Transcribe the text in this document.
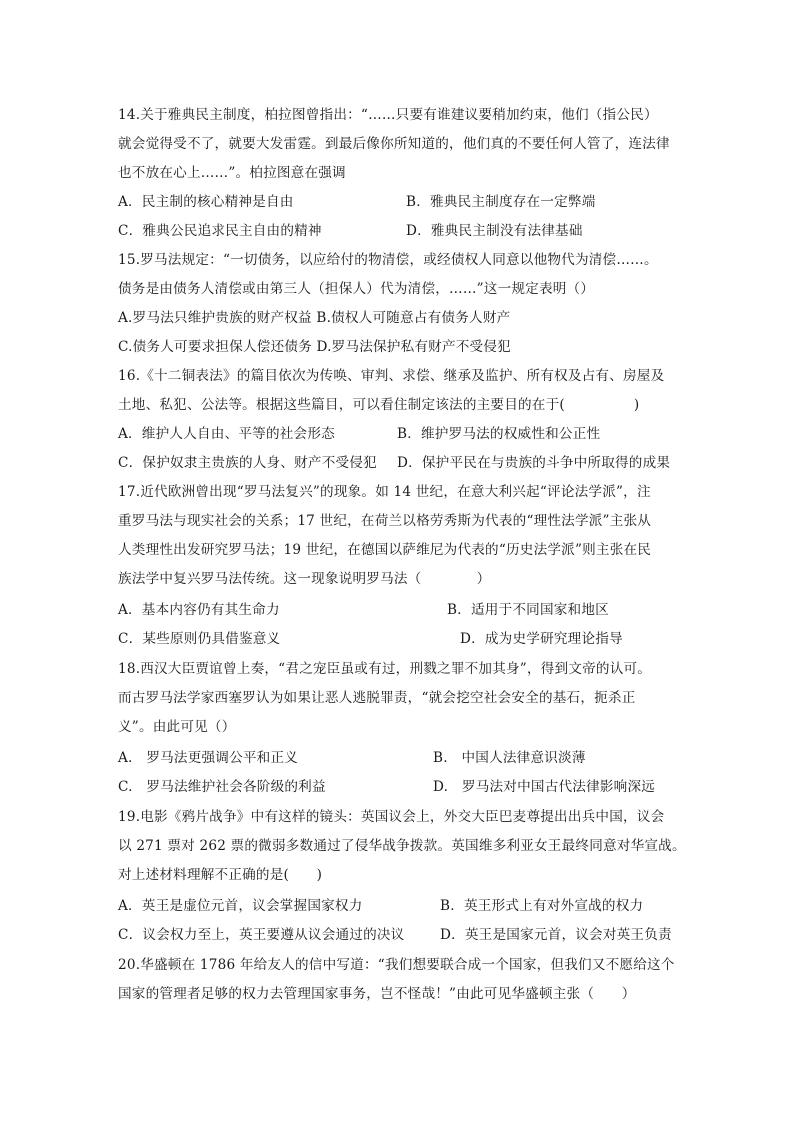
14.关于雅典民主制度，柏拉图曾指出：“……只要有谁建议要稍加约束，他们（指公民）
就会觉得受不了，就要大发雷霆。到最后像你所知道的，他们真的不要任何人管了，连法律
也不放在心上……”。柏拉图意在强调
A．民主制的核心精神是自由	B．雅典民主制度存在一定弊端
C．雅典公民追求民主自由的精神	D．雅典民主制没有法律基础
15.罗马法规定：“一切债务，以应给付的物清偿，或经债权人同意以他物代为清偿……。
债务是由债务人清偿或由第三人（担保人）代为清偿，……”这一规定表明（）
A.罗马法只维护贵族的财产权益 B.债权人可随意占有债务人财产
C.债务人可要求担保人偿还债务 D.罗马法保护私有财产不受侵犯
16.《十二铜表法》的篇目依次为传唤、审判、求偿、继承及监护、所有权及占有、房屋及
土地、私犯、公法等。根据这些篇目，可以看住制定该法的主要目的在于(　　　　　)
A．维护人人自由、平等的社会形态	B．维护罗马法的权威性和公正性
C．保护奴隶主贵族的人身、财产不受侵犯 D．保护平民在与贵族的斗争中所取得的成果
17.近代欧洲曾出现“罗马法复兴”的现象。如 14 世纪，在意大利兴起“评论法学派”，注
重罗马法与现实社会的关系；17 世纪，在荷兰以格劳秀斯为代表的“理性法学派”主张从
人类理性出发研究罗马法；19 世纪，在德国以萨维尼为代表的“历史法学派”则主张在民
族法学中复兴罗马法传统。这一现象说明罗马法（　　　　）
A．基本内容仍有其生命力	B．适用于不同国家和地区
C．某些原则仍具借鉴意义	D．成为史学研究理论指导
18.西汉大臣贾谊曾上奏，“君之宠臣虽或有过，刑戮之罪不加其身”，得到文帝的认可。
而古罗马法学家西塞罗认为如果让恶人逃脱罪责，“就会挖空社会安全的基石，扼杀正
义”。由此可见（）
A.　罗马法更强调公平和正义	B.　中国人法律意识淡薄
C.　罗马法维护社会各阶级的利益	D.　罗马法对中国古代法律影响深远
19.电影《鸦片战争》中有这样的镜头：英国议会上，外交大臣巴麦尊提出出兵中国，议会
以 271 票对 262 票的微弱多数通过了侵华战争拨款。英国维多利亚女王最终同意对华宣战。
对上述材料理解不正确的是(　　)
A．英王是虚位元首，议会掌握国家权力	B．英王形式上有对外宣战的权力
C．议会权力至上，英王要遵从议会通过的决议	D．英王是国家元首，议会对英王负责
20.华盛顿在 1786 年给友人的信中写道：“我们想要联合成一个国家，但我们又不愿给这个
国家的管理者足够的权力去管理国家事务，岂不怪哉！”由此可见华盛顿主张（　　）
